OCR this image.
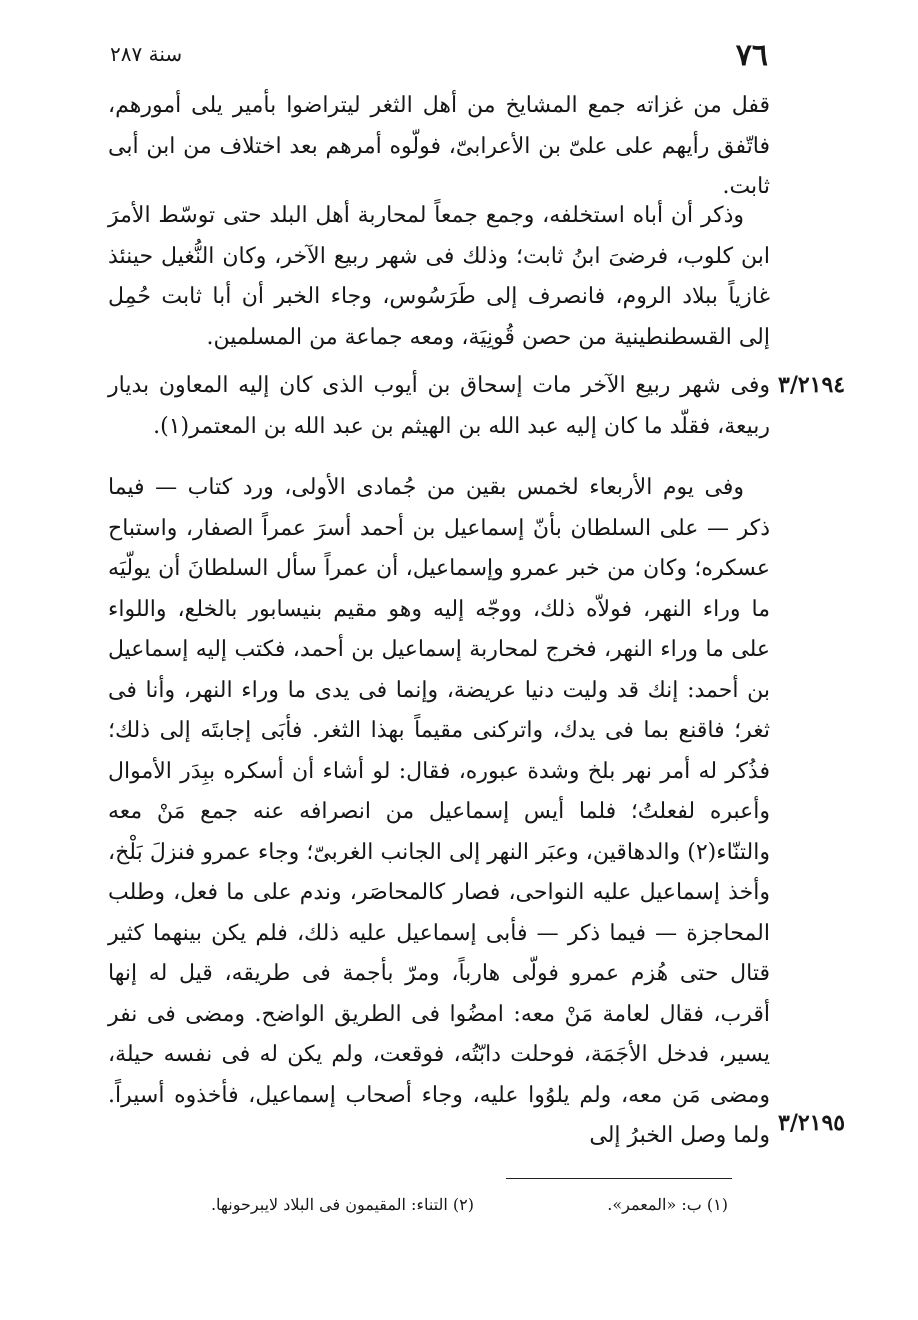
٧٦
سنة ٢٨٧

قفل من غزاته جمع المشايخ من أهل الثغر ليتراضوا بأمير يلى أمورهم، فاتّفق رأيهم على علىّ بن الأعرابىّ، فولّوه أمرهم بعد اختلاف من ابن أبى ثابت.

وذكر أن أباه استخلفه، وجمع جمعاً لمحاربة أهل البلد حتى توسّط الأمرَ ابن كلوب، فرضىَ ابنُ ثابت؛ وذلك فى شهر ربيع الآخر، وكان النُّغيل حينئذ غازياً ببلاد الروم، فانصرف إلى طَرَسُوس، وجاء الخبر أن أبا ثابت حُمِل إلى القسطنطينية من حصن قُونِيَة، ومعه جماعة من المسلمين.

وفى شهر ربيع الآخر مات إسحاق بن أيوب الذى كان إليه المعاون بديار ربيعة، فقلّد ما كان إليه عبد الله بن الهيثم بن عبد الله بن المعتمر(١).

وفى يوم الأربعاء لخمس بقين من جُمادى الأولى، ورد كتاب — فيما ذكر — على السلطان بأنّ إسماعيل بن أحمد أسرَ عمراً الصفار، واستباح عسكره؛ وكان من خبر عمرو وإسماعيل، أن عمراً سأل السلطانَ أن يولّيَه ما وراء النهر، فولاّه ذلك، ووجّه إليه وهو مقيم بنيسابور بالخلع، واللواء على ما وراء النهر، فخرج لمحاربة إسماعيل بن أحمد، فكتب إليه إسماعيل بن أحمد: إنك قد وليت دنيا عريضة، وإنما فى يدى ما وراء النهر، وأنا فى ثغر؛ فاقنع بما فى يدك، واتركنى مقيماً بهذا الثغر. فأبَى إجابتَه إلى ذلك؛ فذُكر له أمر نهر بلخ وشدة عبوره، فقال: لو أشاء أن أسكره ببِدَر الأموال وأعبره لفعلتُ؛ فلما أيس إسماعيل من انصرافه عنه جمع مَنْ معه والتنّاء(٢) والدهاقين، وعبَر النهر إلى الجانب الغربىّ؛ وجاء عمرو فنزلَ بَلْخ، وأخذ إسماعيل عليه النواحى، فصار كالمحاصَر، وندم على ما فعل، وطلب المحاجزة — فيما ذكر — فأبى إسماعيل عليه ذلك، فلم يكن بينهما كثير قتال حتى هُزم عمرو فولّى هارباً، ومرّ بأجمة فى طريقه، قيل له إنها أقرب، فقال لعامة مَنْ معه: امضُوا فى الطريق الواضح. ومضى فى نفر يسير، فدخل الأجَمَة، فوحلت دابّتُه، فوقعت، ولم يكن له فى نفسه حيلة، ومضى مَن معه، ولم يلوُوا عليه، وجاء أصحاب إسماعيل، فأخذوه أسيراً. ولما وصل الخبرُ إلى

٣/٢١٩٤
٣/٢١٩٥
(١) ب: «المعمر».
(٢) التناء: المقيمون فى البلاد لايبرحونها.
